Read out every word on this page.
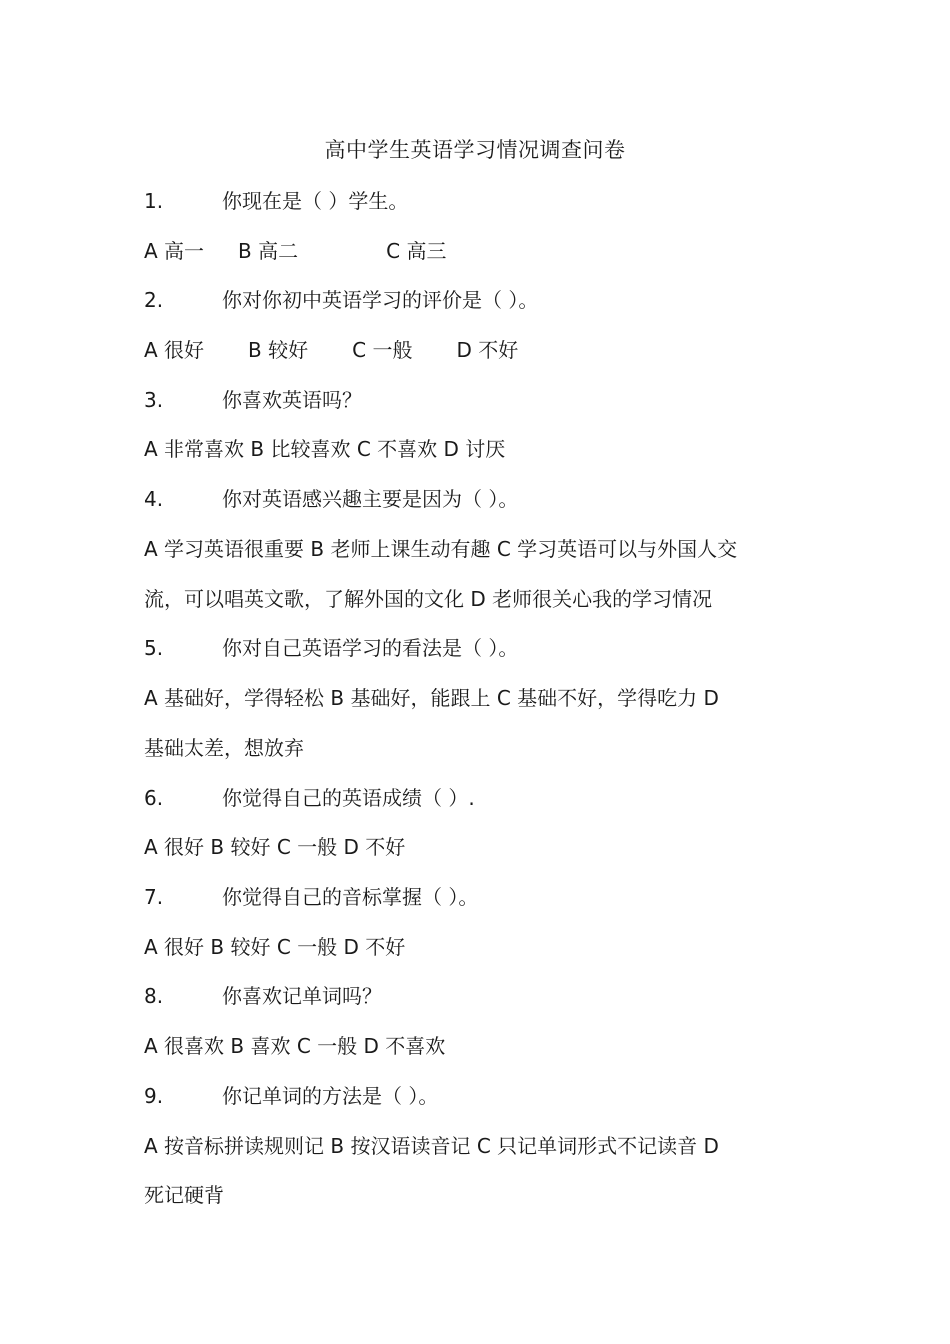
高中学生英语学习情况调查问卷
1.	你现在是（ ）学生。
A 高一 B 高二	C 高三
2.	你对你初中英语学习的评价是（ ）。
A 很好 B 较好 C 一般 D 不好
3.	你喜欢英语吗？
A 非常喜欢 B 比较喜欢 C 不喜欢 D 讨厌
4.	你对英语感兴趣主要是因为（ ）。
A 学习英语很重要 B 老师上课生动有趣 C 学习英语可以与外国人交
流，可以唱英文歌，了解外国的文化 D 老师很关心我的学习情况
5.	你对自己英语学习的看法是（ ）。
A 基础好，学得轻松 B 基础好，能跟上 C 基础不好，学得吃力 D
基础太差，想放弃
6.	你觉得自己的英语成绩（ ）.
A 很好 B 较好 C 一般 D 不好
7.	你觉得自己的音标掌握（ ）。
A 很好 B 较好 C 一般 D 不好
8.	你喜欢记单词吗？
A 很喜欢 B 喜欢 C 一般 D 不喜欢
9.	你记单词的方法是（ ）。
A 按音标拼读规则记 B 按汉语读音记 C 只记单词形式不记读音 D
死记硬背
